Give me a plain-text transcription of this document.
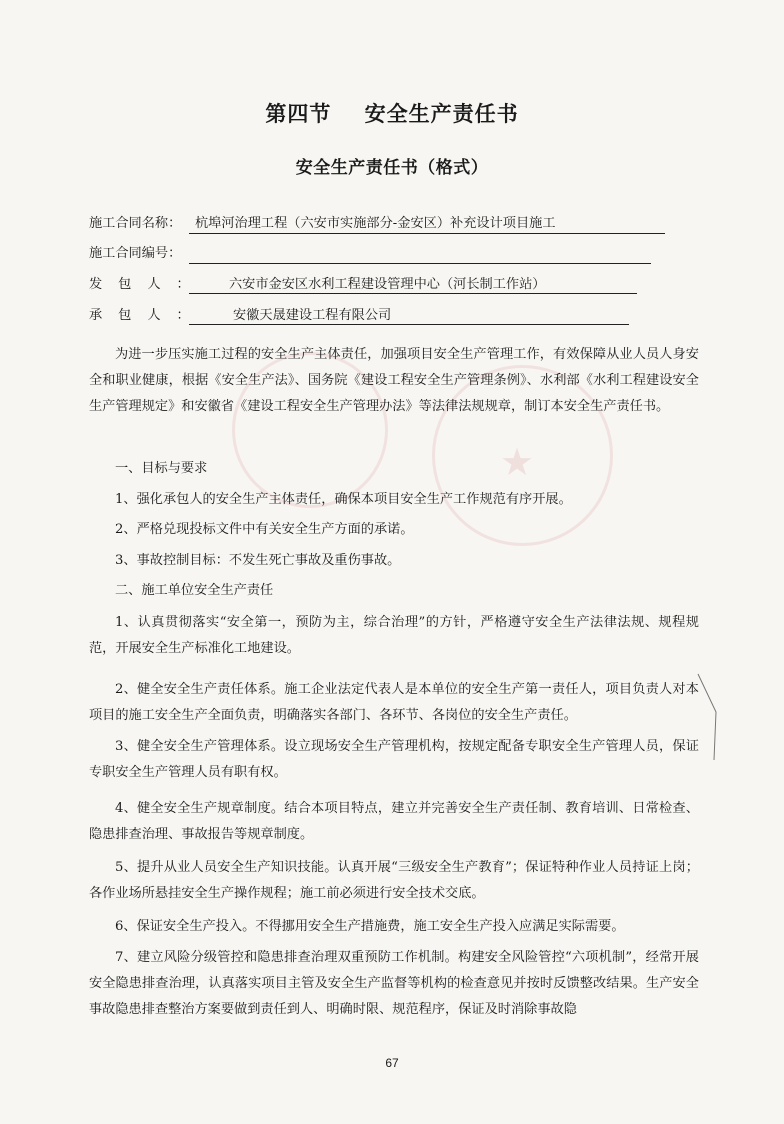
★
第四节    安全生产责任书
安全生产责任书（格式）
施工合同名称：	杭埠河治理工程（六安市实施部分-金安区）补充设计项目施工
施工合同编号：
发包人：	六安市金安区水利工程建设管理中心（河长制工作站）
承包人：	安徽天晟建设工程有限公司
为进一步压实施工过程的安全生产主体责任，加强项目安全生产管理工作，有效保障从业人员人身安全和职业健康，根据《安全生产法》、国务院《建设工程安全生产管理条例》、水利部《水利工程建设安全生产管理规定》和安徽省《建设工程安全生产管理办法》等法律法规规章，制订本安全生产责任书。
一、目标与要求
1、强化承包人的安全生产主体责任，确保本项目安全生产工作规范有序开展。
2、严格兑现投标文件中有关安全生产方面的承诺。
3、事故控制目标：不发生死亡事故及重伤事故。
二、施工单位安全生产责任
1、认真贯彻落实“安全第一，预防为主，综合治理”的方针，严格遵守安全生产法律法规、规程规范，开展安全生产标准化工地建设。
2、健全安全生产责任体系。施工企业法定代表人是本单位的安全生产第一责任人，项目负责人对本项目的施工安全生产全面负责，明确落实各部门、各环节、各岗位的安全生产责任。
3、健全安全生产管理体系。设立现场安全生产管理机构，按规定配备专职安全生产管理人员，保证专职安全生产管理人员有职有权。
4、健全安全生产规章制度。结合本项目特点，建立并完善安全生产责任制、教育培训、日常检查、隐患排查治理、事故报告等规章制度。
5、提升从业人员安全生产知识技能。认真开展“三级安全生产教育”；保证特种作业人员持证上岗；各作业场所悬挂安全生产操作规程；施工前必须进行安全技术交底。
6、保证安全生产投入。不得挪用安全生产措施费，施工安全生产投入应满足实际需要。
7、建立风险分级管控和隐患排查治理双重预防工作机制。构建安全风险管控“六项机制”，经常开展安全隐患排查治理，认真落实项目主管及安全生产监督等机构的检查意见并按时反馈整改结果。生产安全事故隐患排查整治方案要做到责任到人、明确时限、规范程序，保证及时消除事故隐
67
